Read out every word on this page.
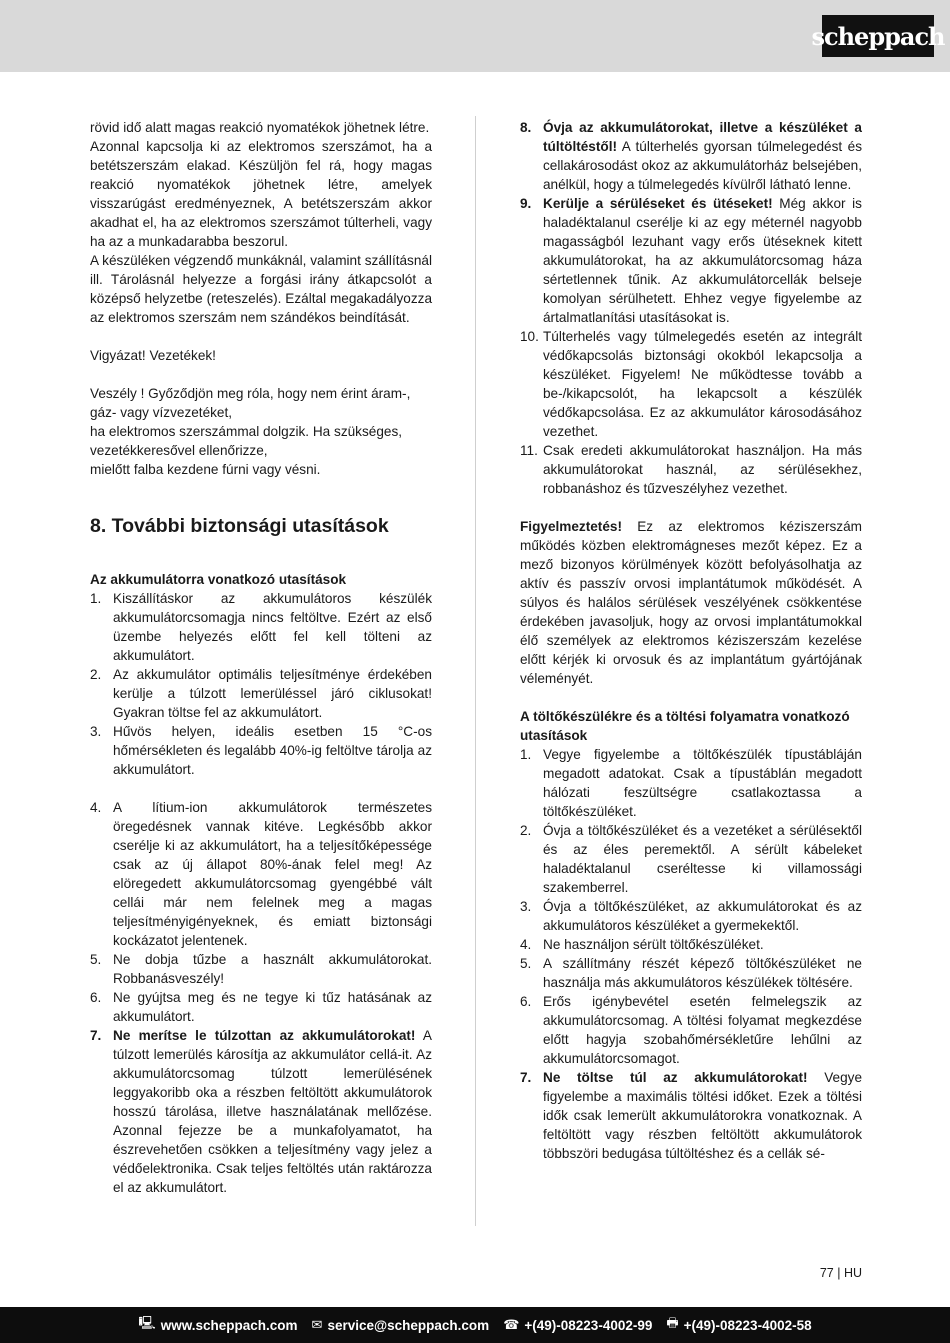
scheppach

rövid idő alatt magas reakció nyomatékok jöhetnek létre.

Azonnal kapcsolja ki az elektromos szerszámot, ha a betétszerszám elakad. Készüljön fel rá, hogy magas reakció nyomatékok jöhetnek létre, amelyek visszarúgást eredményeznek, A betétszerszám akkor akadhat el, ha az elektromos szerszámot túlterheli, vagy ha az a munkadarabba beszorul.

A készüléken végzendő munkáknál, valamint szállításnál ill. Tárolásnál helyezze a forgási irány átkapcsolót a középső helyzetbe (reteszelés). Ezáltal megakadályozza az elektromos szerszám nem szándékos beindítását.

Vigyázat! Vezetékek!

Veszély ! Győződjön meg róla, hogy nem érint áram-, gáz- vagy vízvezetéket,

ha elektromos szerszámmal dolgzik. Ha szükséges, vezetékkeresővel ellenőrizze,

mielőtt falba kezdene fúrni vagy vésni.

8. További biztonsági utasítások
Az akkumulátorra vonatkozó utasítások
1. Kiszállításkor az akkumulátoros készülék akkumulátorcsomagja nincs feltöltve. Ezért az első üzembe helyezés előtt fel kell tölteni az akkumulátort.
2. Az akkumulátor optimális teljesítménye érdekében kerülje a túlzott lemerüléssel járó ciklusokat! Gyakran töltse fel az akkumulátort.
3. Hűvös helyen, ideális esetben 15 °C-os hőmérsékleten és legalább 40%-ig feltöltve tárolja az akkumulátort.
4. A lítium-ion akkumulátorok természetes öregedésnek vannak kitéve. Legkésőbb akkor cserélje ki az akkumulátort, ha a teljesítőképessége csak az új állapot 80%-ának felel meg! Az elöregedett akkumulátorcsomag gyengébbé vált cellái már nem felelnek meg a magas teljesítményigényeknek, és emiatt biztonsági kockázatot jelentenek.
5. Ne dobja tűzbe a használt akkumulátorokat. Robbanásveszély!
6. Ne gyújtsa meg és ne tegye ki tűz hatásának az akkumulátort.
7. Ne merítse le túlzottan az akkumulátorokat! A túlzott lemerülés károsítja az akkumulátor cellá-it. Az akkumulátorcsomag túlzott lemerülésének leggyakoribb oka a részben feltöltött akkumulátorok hosszú tárolása, illetve használatának mellőzése. Azonnal fejezze be a munkafolyamatot, ha észrevehetően csökken a teljesítmény vagy jelez a védőelektronika. Csak teljes feltöltés után raktározza el az akkumulátort.
8. Óvja az akkumulátorokat, illetve a készüléket a túltöltéstől! A túlterhelés gyorsan túlmelegedést és cellakárosodást okoz az akkumulátorház belsejében, anélkül, hogy a túlmelegedés kívülről látható lenne.
9. Kerülje a sérüléseket és ütéseket! Még akkor is haladéktalanul cserélje ki az egy méternél nagyobb magasságból lezuhant vagy erős ütéseknek kitett akkumulátorokat, ha az akkumulátorcsomag háza sértetlennek tűnik. Az akkumulátorcellák belseje komolyan sérülhetett. Ehhez vegye figyelembe az ártalmatlanítási utasításokat is.
10. Túlterhelés vagy túlmelegedés esetén az integrált védőkapcsolás biztonsági okokból lekapcsolja a készüléket. Figyelem! Ne működtesse tovább a be-/kikapcsolót, ha lekapcsolt a készülék védőkapcsolása. Ez az akkumulátor károsodásához vezethet.
11. Csak eredeti akkumulátorokat használjon. Ha más akkumulátorokat használ, az sérülésekhez, robbanáshoz és tűzveszélyhez vezethet.

Figyelmeztetés! Ez az elektromos kéziszerszám működés közben elektromágneses mezőt képez. Ez a mező bizonyos körülmények között befolyásolhatja az aktív és passzív orvosi implantátumok működését. A súlyos és halálos sérülések veszélyének csökkentése érdekében javasoljuk, hogy az orvosi implantátumokkal élő személyek az elektromos kéziszerszám kezelése előtt kérjék ki orvosuk és az implantátum gyártójának véleményét.

A töltőkészülékre és a töltési folyamatra vonatkozó utasítások
1. Vegye figyelembe a töltőkészülék típustábláján megadott adatokat. Csak a típustáblán megadott hálózati feszültségre csatlakoztassa a töltőkészüléket.
2. Óvja a töltőkészüléket és a vezetéket a sérülésektől és az éles peremektől. A sérült kábeleket haladéktalanul cseréltesse ki villamossági szakemberrel.
3. Óvja a töltőkészüléket, az akkumulátorokat és az akkumulátoros készüléket a gyermekektől.
4. Ne használjon sérült töltőkészüléket.
5. A szállítmány részét képező töltőkészüléket ne használja más akkumulátoros készülékek töltésére.
6. Erős igénybevétel esetén felmelegszik az akkumulátorcsomag. A töltési folyamat megkezdése előtt hagyja szobahőmérsékletűre lehűlni az akkumulátorcsomagot.
7. Ne töltse túl az akkumulátorokat! Vegye figyelembe a maximális töltési időket. Ezek a töltési idők csak lemerült akkumulátorokra vonatkoznak. A feltöltött vagy részben feltöltött akkumulátorok többszöri bedugása túltöltéshez és a cellák sé-
77 | HU
🖳 www.scheppach.com ✉ service@scheppach.com ☎ +(49)-08223-4002-99 🖶 +(49)-08223-4002-58
